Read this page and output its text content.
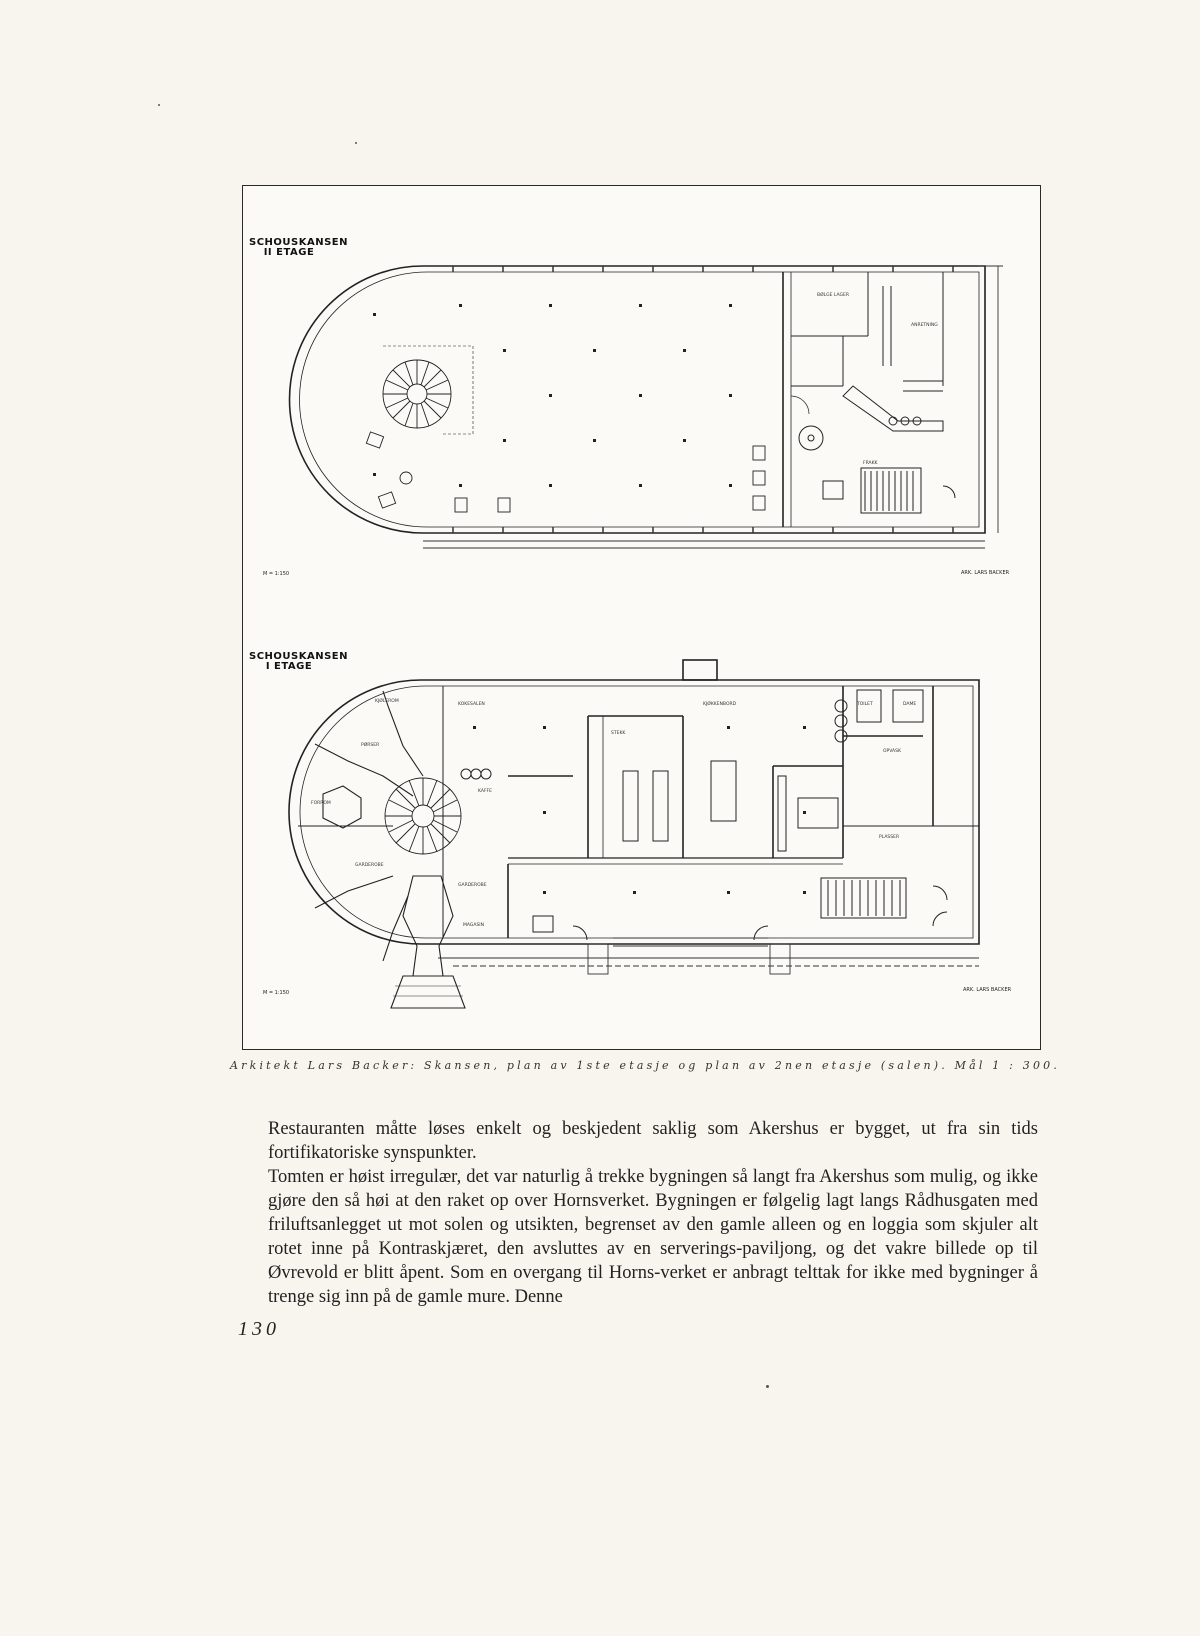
SCHOUSKANSEN
II ETAGE
BØLGE LAGER
ANRETNING
FRAKK
M = 1:150	ARK. LARS BACKER
SCHOUSKANSEN
I ETAGE
KJØLEROM
KOKESALEN
PØRSER
FORROM
GARDEROBE
KAFFE
STEKK
KJØKKENBORD
OPVASK
PLASSER
MAGASIN
DAME
GARDEROBE
TOILET
M = 1:150	ARK. LARS BACKER
Arkitekt Lars Backer: Skansen, plan av 1ste etasje og plan av 2nen etasje (salen). Mål 1 : 300.

Restauranten måtte løses enkelt og beskjedent saklig som Akershus er bygget, ut fra sin tids fortifikatoriske synspunkter.

Tomten er høist irregulær, det var naturlig å trekke bygningen så langt fra Akershus som mulig, og ikke gjøre den så høi at den raket op over Hornsverket. Bygningen er følgelig lagt langs Rådhusgaten med friluftsanlegget ut mot solen og utsikten, begrenset av den gamle alleen og en loggia som skjuler alt rotet inne på Kontraskjæret, den avsluttes av en serverings-paviljong, og det vakre billede op til Øvrevold er blitt åpent. Som en overgang til Horns-verket er anbragt telttak for ikke med bygninger å trenge sig inn på de gamle mure. Denne

130
